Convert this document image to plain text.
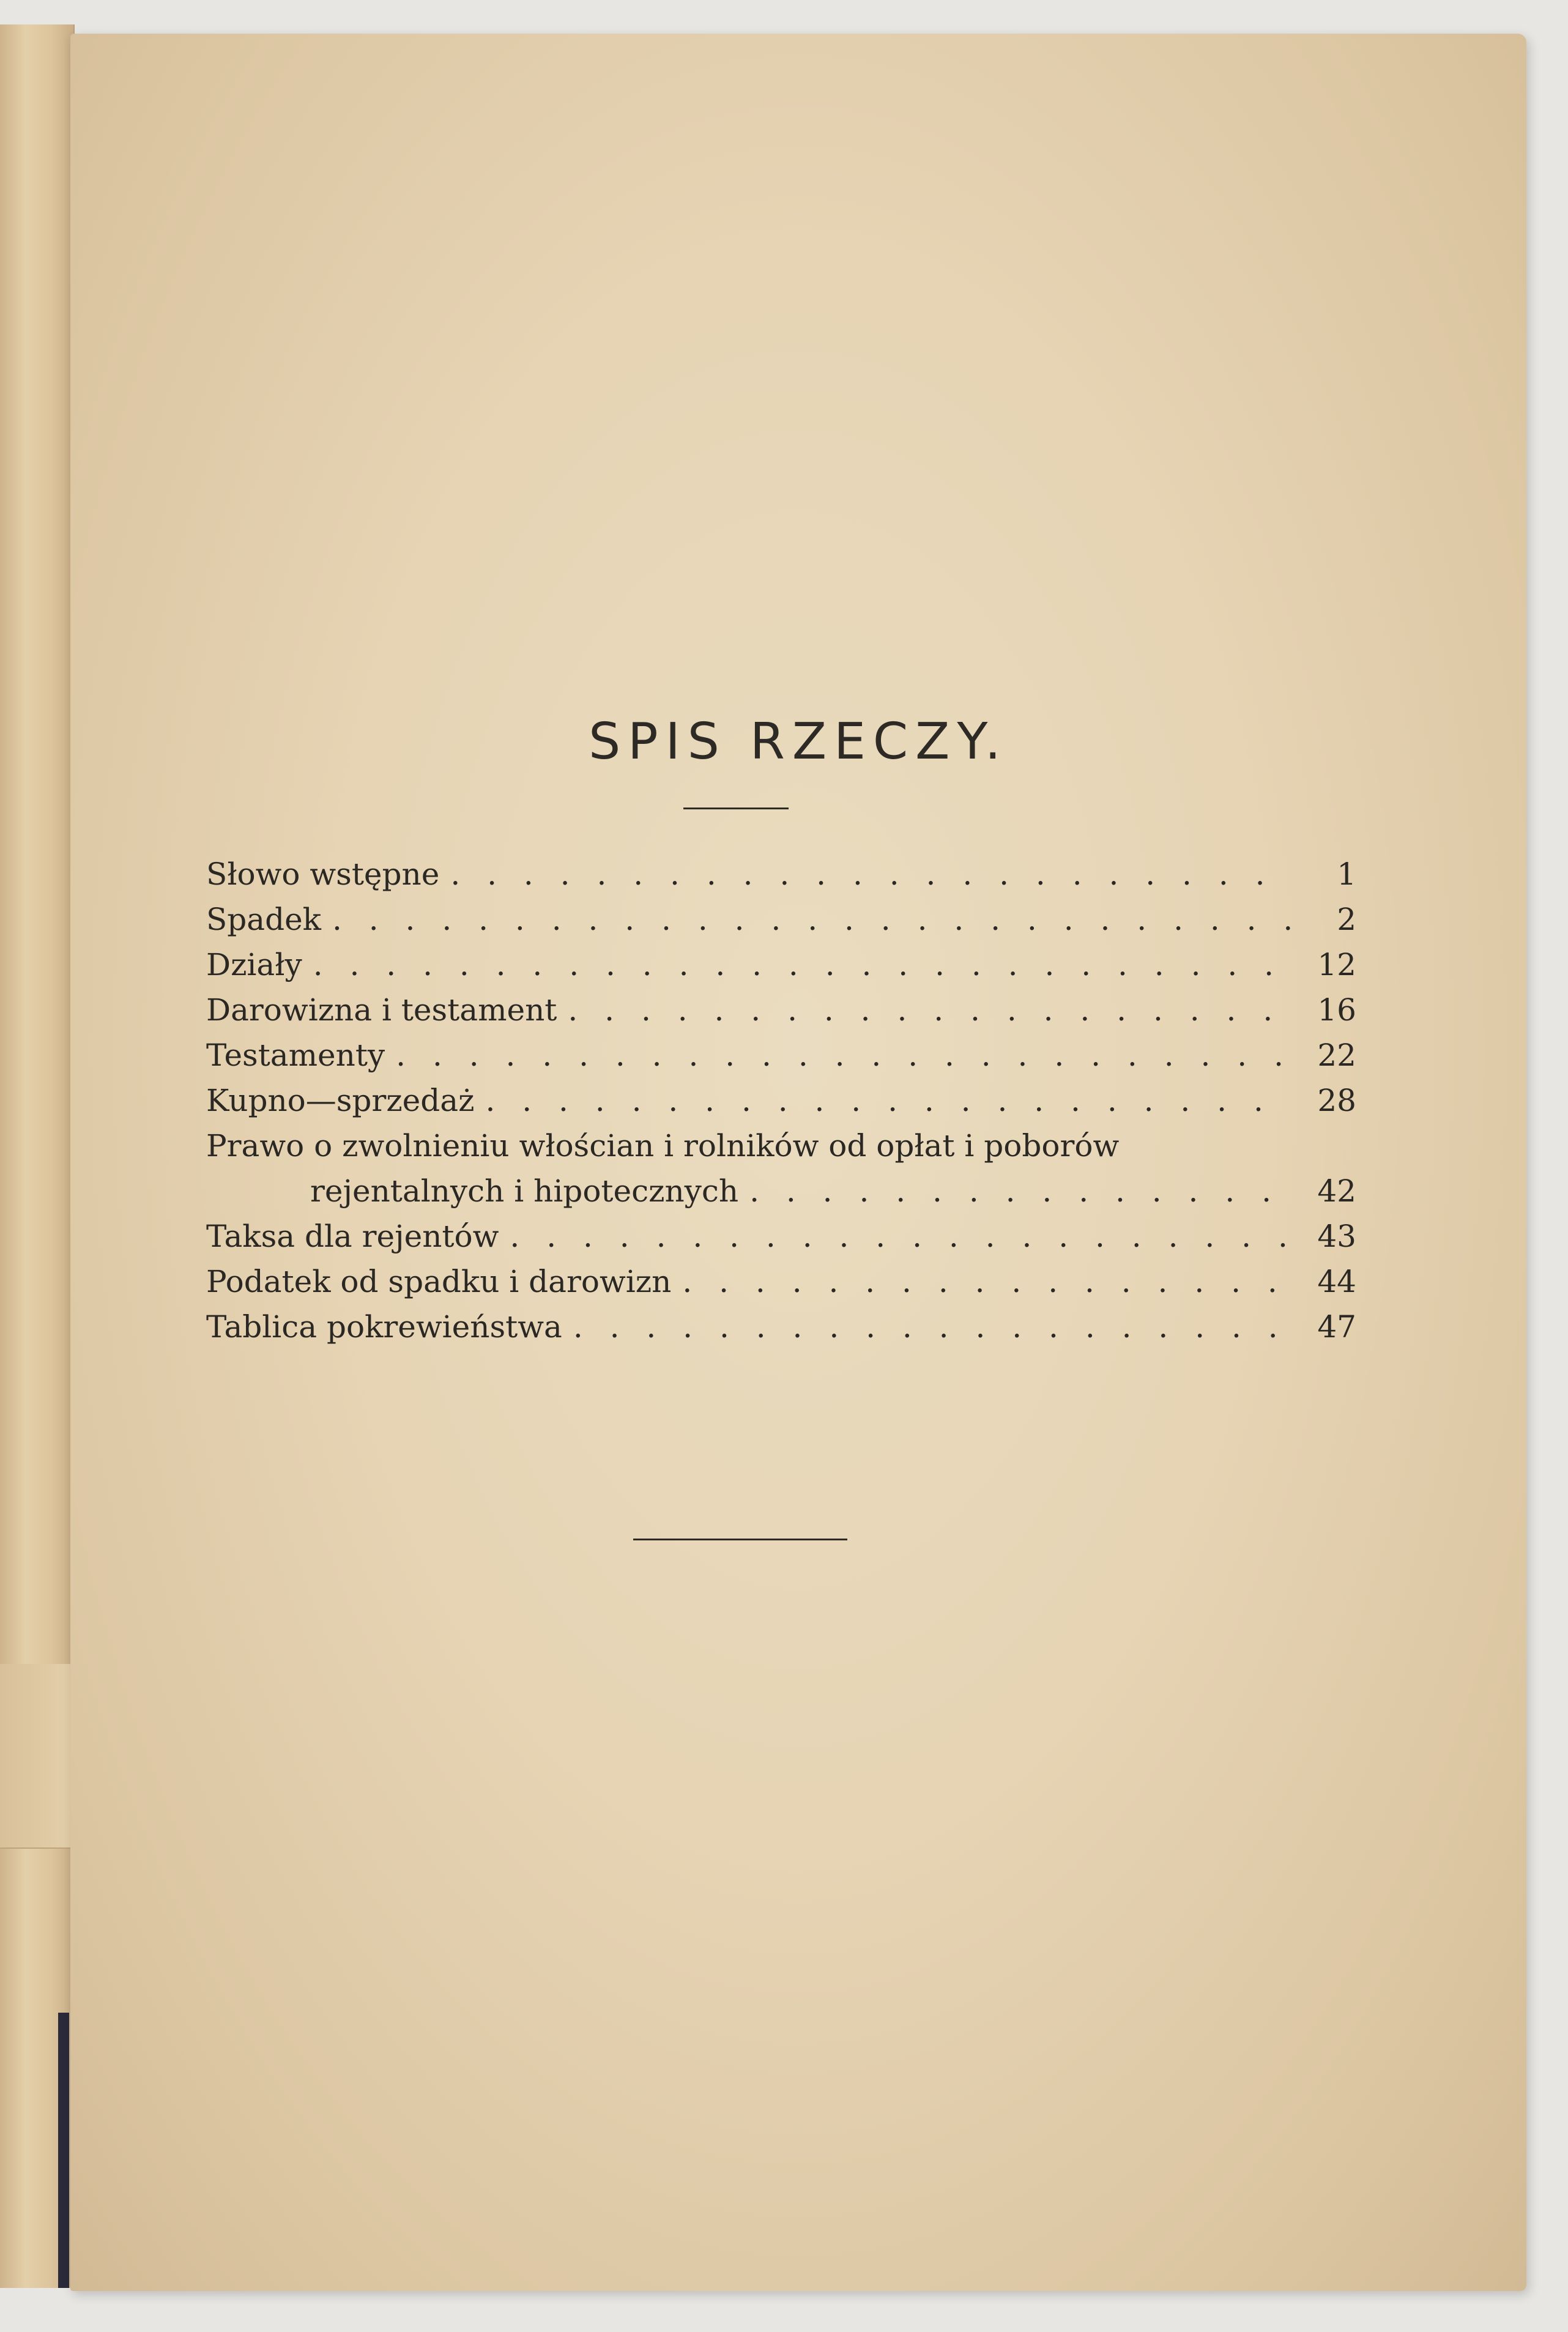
SPIS RZECZY.
Słowo wstępne . . .	1
Spadek . . .	2
Działy . . .	12
Darowizna i testament . . .	16
Testamenty . . .	22
Kupno—sprzedaż . . .	28
Prawo o zwolnieniu włościan i rolników od opłat i poborów
rejentalnych i hipotecznych . . .	42
Taksa dla rejentów . . .	43
Podatek od spadku i darowizn . . .	44
Tablica pokrewieństwa . . .	47
